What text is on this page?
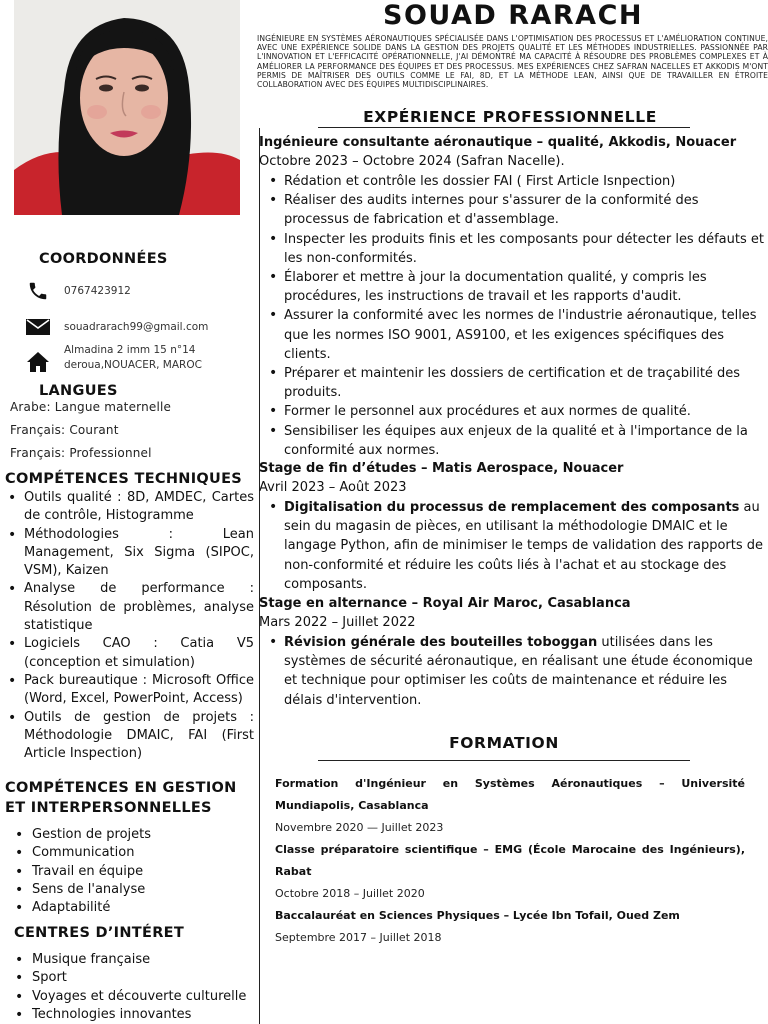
COORDONNÉES
0767423912
souadrarach99@gmail.com
Almadina 2 imm 15 n°14
deroua,NOUACER, MAROC
LANGUES
Arabe: Langue maternelle
Français: Courant
Français: Professionnel
COMPÉTENCES TECHNIQUES
• Outils qualité : 8D, AMDEC, Cartes de contrôle, Histogramme
• Méthodologies : Lean Management, Six Sigma (SIPOC, VSM), Kaizen
• Analyse de performance : Résolution de problèmes, analyse statistique
• Logiciels CAO : Catia V5 (conception et simulation)
• Pack bureautique : Microsoft Office (Word, Excel, PowerPoint, Access)
• Outils de gestion de projets : Méthodologie DMAIC, FAI (First Article Inspection)
COMPÉTENCES EN GESTION
ET INTERPERSONNELLES
• Gestion de projets
• Communication
• Travail en équipe
• Sens de l'analyse
• Adaptabilité
CENTRES D’INTÉRET
• Musique française
• Sport
• Voyages et découverte culturelle
• Technologies innovantes
SOUAD RARACH
INGÉNIEURE EN SYSTÈMES AÉRONAUTIQUES SPÉCIALISÉE DANS L'OPTIMISATION DES PROCESSUS ET L'AMÉLIORATION CONTINUE, AVEC UNE EXPÉRIENCE SOLIDE DANS LA GESTION DES PROJETS QUALITÉ ET LES MÉTHODES INDUSTRIELLES. PASSIONNÉE PAR L'INNOVATION ET L'EFFICACITÉ OPÉRATIONNELLE, J'AI DÉMONTRÉ MA CAPACITÉ À RÉSOUDRE DES PROBLÈMES COMPLEXES ET À AMÉLIORER LA PERFORMANCE DES ÉQUIPES ET DES PROCESSUS. MES EXPÉRIENCES CHEZ SAFRAN NACELLES ET AKKODIS M'ONT PERMIS DE MAÎTRISER DES OUTILS COMME LE FAI, 8D, ET LA MÉTHODE LEAN, AINSI QUE DE TRAVAILLER EN ÉTROITE COLLABORATION AVEC DES ÉQUIPES MULTIDISCIPLINAIRES.
EXPÉRIENCE PROFESSIONNELLE
Ingénieure consultante aéronautique – qualité, Akkodis, Nouacer
Octobre 2023 – Octobre 2024 (Safran Nacelle).
• Rédation et contrôle les dossier FAI ( First Article Isnpection)
• Réaliser des audits internes pour s'assurer de la conformité des processus de fabrication et d'assemblage.
• Inspecter les produits finis et les composants pour détecter les défauts et les non-conformités.
• Élaborer et mettre à jour la documentation qualité, y compris les procédures, les instructions de travail et les rapports d'audit.
• Assurer la conformité avec les normes de l'industrie aéronautique, telles que les normes ISO 9001, AS9100, et les exigences spécifiques des clients.
• Préparer et maintenir les dossiers de certification et de traçabilité des produits.
• Former le personnel aux procédures et aux normes de qualité.
• Sensibiliser les équipes aux enjeux de la qualité et à l'importance de la conformité aux normes.
Stage de fin d’études – Matis Aerospace, Nouacer
Avril 2023 – Août 2023
• Digitalisation du processus de remplacement des composants au sein du magasin de pièces, en utilisant la méthodologie DMAIC et le langage Python, afin de minimiser le temps de validation des rapports de non-conformité et réduire les coûts liés à l'achat et au stockage des composants.
Stage en alternance – Royal Air Maroc, Casablanca
Mars 2022 – Juillet 2022
• Révision générale des bouteilles toboggan utilisées dans les systèmes de sécurité aéronautique, en réalisant une étude économique et technique pour optimiser les coûts de maintenance et réduire les délais d'intervention.
FORMATION
Formation d'Ingénieur en Systèmes Aéronautiques – Université Mundiapolis, Casablanca
Novembre 2020 — Juillet 2023
Classe préparatoire scientifique – EMG (École Marocaine des Ingénieurs), Rabat
Octobre 2018 – Juillet 2020
Baccalauréat en Sciences Physiques – Lycée Ibn Tofail, Oued Zem
Septembre 2017 – Juillet 2018
